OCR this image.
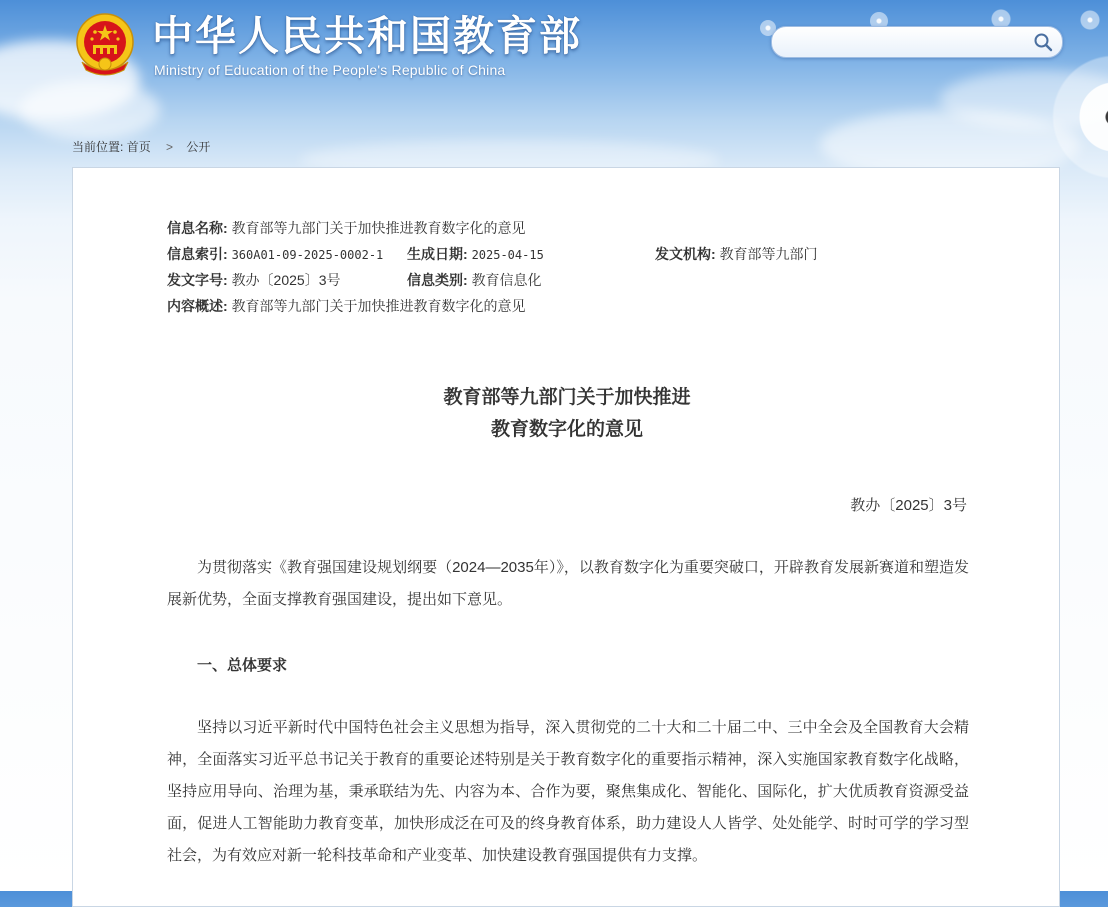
中华人民共和国教育部
Ministry of Education of the People's Republic of China
当前位置: 首页 > 公开
信息名称: 教育部等九部门关于加快推进教育数字化的意见
信息索引: 360A01-09-2025-0002-1 生成日期: 2025-04-15	发文机构: 教育部等九部门
发文字号: 教办〔2025〕3号	信息类别: 教育信息化
内容概述: 教育部等九部门关于加快推进教育数字化的意见
教育部等九部门关于加快推进
教育数字化的意见
教办〔2025〕3号
为贯彻落实《教育强国建设规划纲要（2024—2035年）》，以教育数字化为重要突破口，开辟教育发展新赛道和塑造发展新优势，全面支撑教育强国建设，提出如下意见。
一、总体要求
坚持以习近平新时代中国特色社会主义思想为指导，深入贯彻党的二十大和二十届二中、三中全会及全国教育大会精神，全面落实习近平总书记关于教育的重要论述特别是关于教育数字化的重要指示精神，深入实施国家教育数字化战略，坚持应用导向、治理为基，秉承联结为先、内容为本、合作为要，聚焦集成化、智能化、国际化，扩大优质教育资源受益面，促进人工智能助力教育变革，加快形成泛在可及的终身教育体系，助力建设人人皆学、处处能学、时时可学的学习型社会，为有效应对新一轮科技革命和产业变革、加快建设教育强国提供有力支撑。
